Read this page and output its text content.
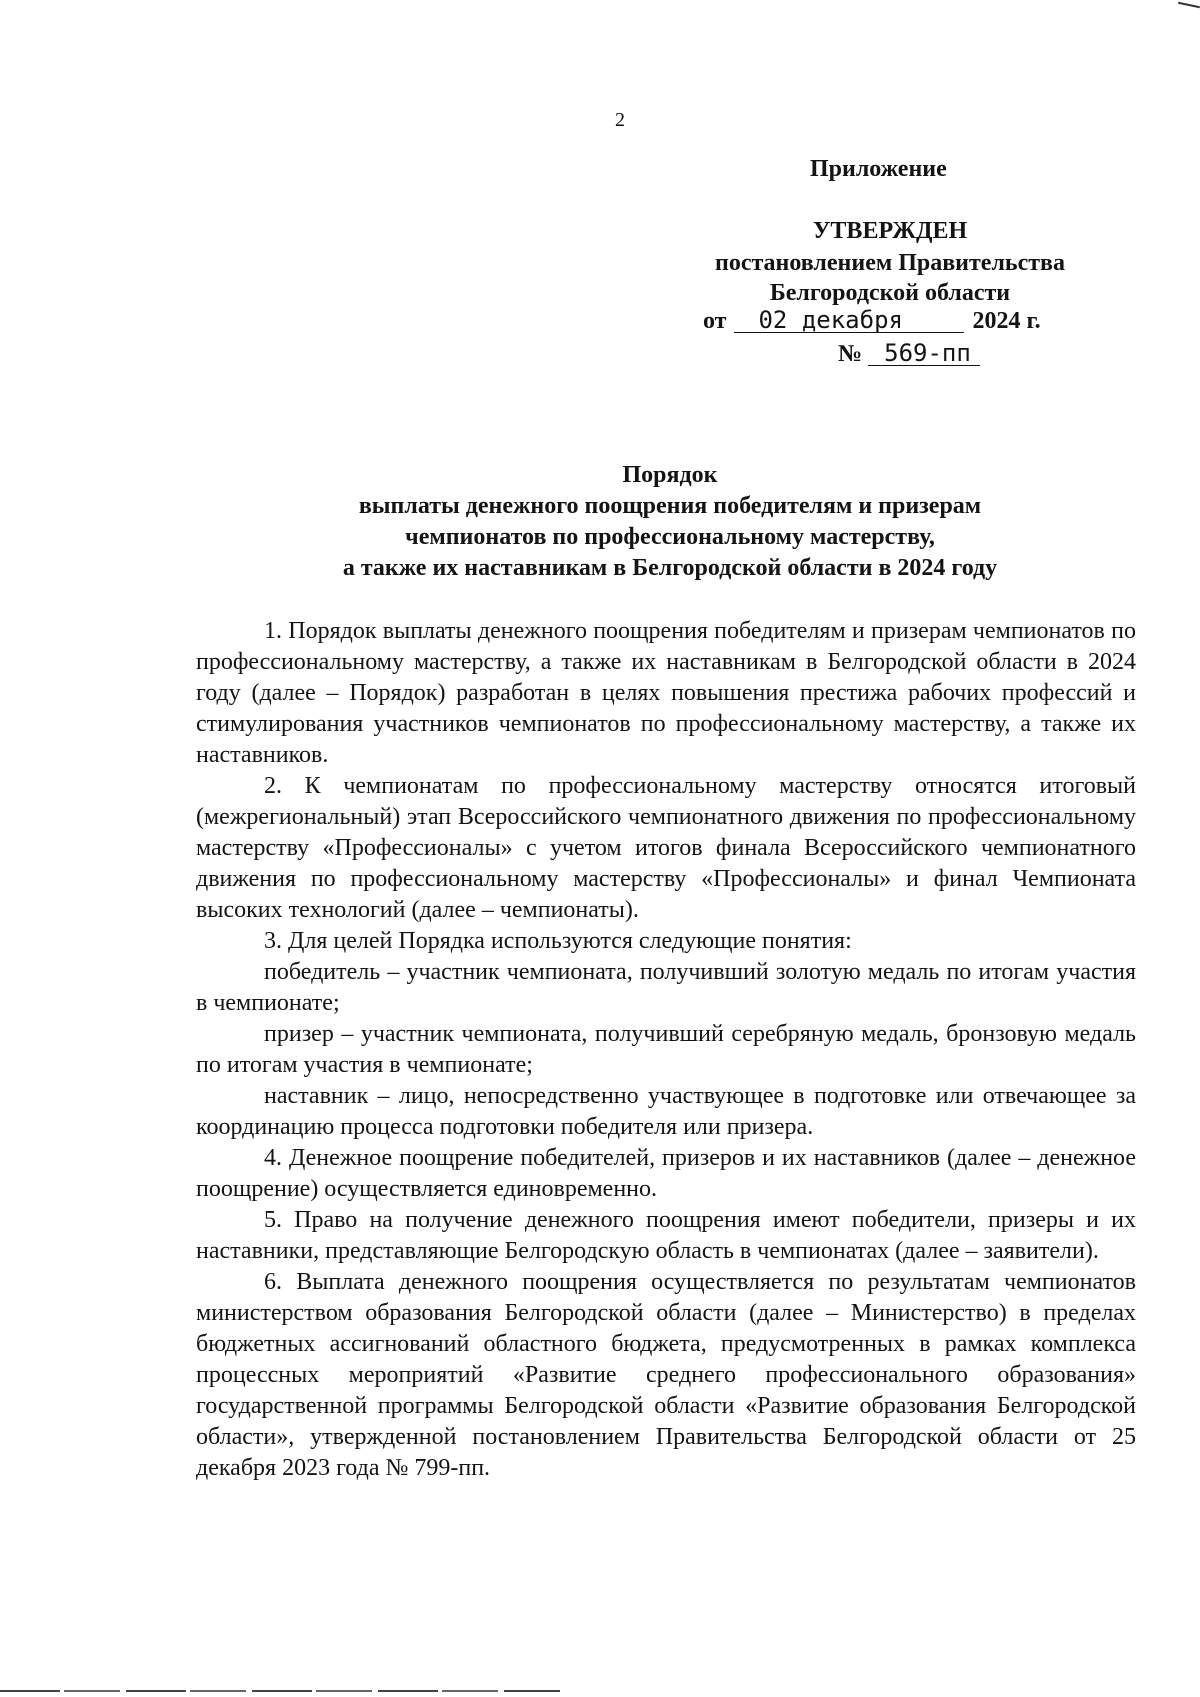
2
Приложение
УТВЕРЖДЕН
постановлением Правительства
Белгородской области
от 02 декабря	2024 г.
№ 569-пп
Порядок
выплаты денежного поощрения победителям и призерам
чемпионатов по профессиональному мастерству,
а также их наставникам в Белгородской области в 2024 году

1. Порядок выплаты денежного поощрения победителям и призерам чемпионатов по профессиональному мастерству, а также их наставникам в Белгородской области в 2024 году (далее – Порядок) разработан в целях повышения престижа рабочих профессий и стимулирования участников чемпионатов по профессиональному мастерству, а также их наставников.

2. К чемпионатам по профессиональному мастерству относятся итоговый (межрегиональный) этап Всероссийского чемпионатного движения по профессиональному мастерству «Профессионалы» с учетом итогов финала Всероссийского чемпионатного движения по профессиональному мастерству «Профессионалы» и финал Чемпионата высоких технологий (далее – чемпионаты).

3. Для целей Порядка используются следующие понятия:

победитель – участник чемпионата, получивший золотую медаль по итогам участия в чемпионате;

призер – участник чемпионата, получивший серебряную медаль, бронзовую медаль по итогам участия в чемпионате;

наставник – лицо, непосредственно участвующее в подготовке или отвечающее за координацию процесса подготовки победителя или призера.

4. Денежное поощрение победителей, призеров и их наставников (далее – денежное поощрение) осуществляется единовременно.

5. Право на получение денежного поощрения имеют победители, призеры и их наставники, представляющие Белгородскую область в чемпионатах (далее – заявители).

6. Выплата денежного поощрения осуществляется по результатам чемпионатов министерством образования Белгородской области (далее – Министерство) в пределах бюджетных ассигнований областного бюджета, предусмотренных в рамках комплекса процессных мероприятий «Развитие среднего профессионального образования» государственной программы Белгородской области «Развитие образования Белгородской области», утвержденной постановлением Правительства Белгородской области от 25 декабря 2023 года № 799-пп.
